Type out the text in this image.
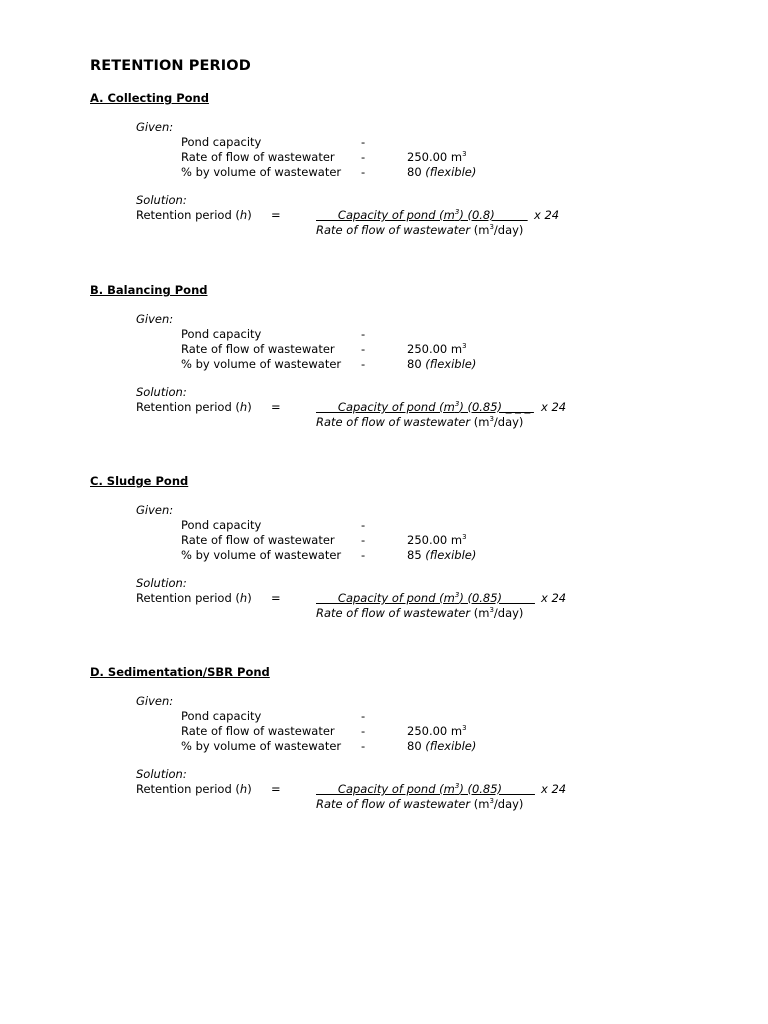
RETENTION PERIOD
A. Collecting Pond
Given:
Pond capacity	-
Rate of flow of wastewater -	250.00 $m^3$
% by volume of wastewater -	80 (flexible)
Solution:
Retention period (h) =	Capacity of pond $(m^3)$ (0.8)
Rate of flow of wastewater $(m^3/day)$
x 24
B. Balancing Pond
Given:
Pond capacity	-
Rate of flow of wastewater -	250.00 $m^3$
% by volume of wastewater -	80 (flexible)
Solution:
Retention period (h) =	Capacity of pond $(m^3)$ (0.85) _ _ _
Rate of flow of wastewater $(m^3/day)$
x 24
C. Sludge Pond
Given:
Pond capacity	-
Rate of flow of wastewater -	250.00 $m^3$
% by volume of wastewater -	85 (flexible)
Solution:
Retention period (h) =	Capacity of pond $(m^3)$ (0.85)
Rate of flow of wastewater $(m^3/day)$
x 24
D. Sedimentation/SBR Pond
Given:
Pond capacity	-
Rate of flow of wastewater -	250.00 $m^3$
% by volume of wastewater -	80 (flexible)
Solution:
Retention period (h) =	Capacity of pond $(m^3)$ (0.85)
Rate of flow of wastewater $(m^3/day)$
x 24
